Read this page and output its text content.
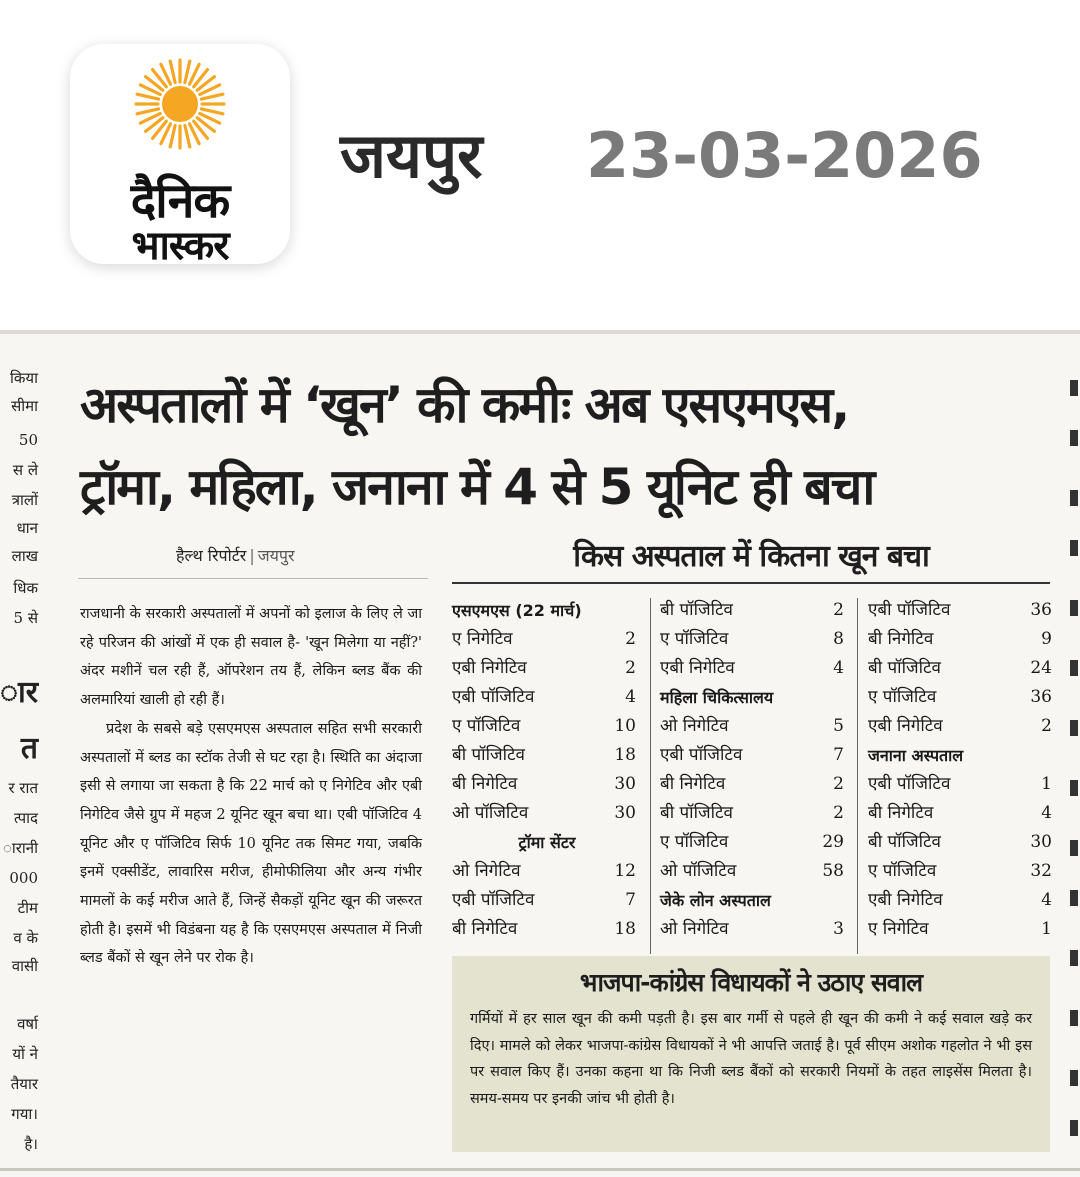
दैनिक
भास्कर
जयपुर 23-03-2026
किया
सीमा
50
स ले
त्रालों
धान
लाख
धिक
5 से
ार
त
र रात
त्पाद
ारानी
000
टीम
व के
वासी
वर्षा
यों ने
तैयार
गया।
है।
अस्पतालों में ‘खून’ की कमीः अब एसएमएस,
ट्रॉमा, महिला, जनाना में 4 से 5 यूनिट ही बचा
हैल्थ रिपोर्टर | जयपुर

राजधानी के सरकारी अस्पतालों में अपनों को इलाज के लिए ले जा रहे परिजन की आंखों में एक ही सवाल है- 'खून मिलेगा या नहीं?' अंदर मशीनें चल रही हैं, ऑपरेशन तय हैं, लेकिन ब्लड बैंक की अलमारियां खाली हो रही हैं।

प्रदेश के सबसे बड़े एसएमएस अस्पताल सहित सभी सरकारी अस्पतालों में ब्लड का स्टॉक तेजी से घट रहा है। स्थिति का अंदाजा इसी से लगाया जा सकता है कि 22 मार्च को ए निगेटिव और एबी निगेटिव जैसे ग्रुप में महज 2 यूनिट खून बचा था। एबी पॉजिटिव 4 यूनिट और ए पॉजिटिव सिर्फ 10 यूनिट तक सिमट गया, जबकि इनमें एक्सीडेंट, लावारिस मरीज, हीमोफीलिया और अन्य गंभीर मामलों के कई मरीज आते हैं, जिन्हें सैकड़ों यूनिट खून की जरूरत होती है। इसमें भी विडंबना यह है कि एसएमएस अस्पताल में निजी ब्लड बैंकों से खून लेने पर रोक है।

किस अस्पताल में कितना खून बचा
एसएमएस (22 मार्च)
ए निगेटिव	2
एबी निगेटिव	2
एबी पॉजिटिव	4
ए पॉजिटिव	10
बी पॉजिटिव	18
बी निगेटिव	30
ओ पॉजिटिव	30
ट्रॉमा सेंटर
ओ निगेटिव	12
एबी पॉजिटिव	7
बी निगेटिव	18
बी पॉजिटिव	2
ए पॉजिटिव	8
एबी निगेटिव	4
महिला चिकित्सालय
ओ निगेटिव	5
एबी पॉजिटिव	7
बी निगेटिव	2
बी पॉजिटिव	2
ए पॉजिटिव	29
ओ पॉजिटिव	58
जेके लोन अस्पताल
ओ निगेटिव	3
एबी पॉजिटिव	36
बी निगेटिव	9
बी पॉजिटिव	24
ए पॉजिटिव	36
एबी निगेटिव	2
जनाना अस्पताल
एबी पॉजिटिव	1
बी निगेटिव	4
बी पॉजिटिव	30
ए पॉजिटिव	32
एबी निगेटिव	4
ए निगेटिव	1
भाजपा-कांग्रेस विधायकों ने उठाए सवाल
गर्मियों में हर साल खून की कमी पड़ती है। इस बार गर्मी से पहले ही खून की कमी ने कई सवाल खड़े कर दिए। मामले को लेकर भाजपा-कांग्रेस विधायकों ने भी आपत्ति जताई है। पूर्व सीएम अशोक गहलोत ने भी इस पर सवाल किए हैं। उनका कहना था कि निजी ब्लड बैंकों को सरकारी नियमों के तहत लाइसेंस मिलता है। समय-समय पर इनकी जांच भी होती है।
